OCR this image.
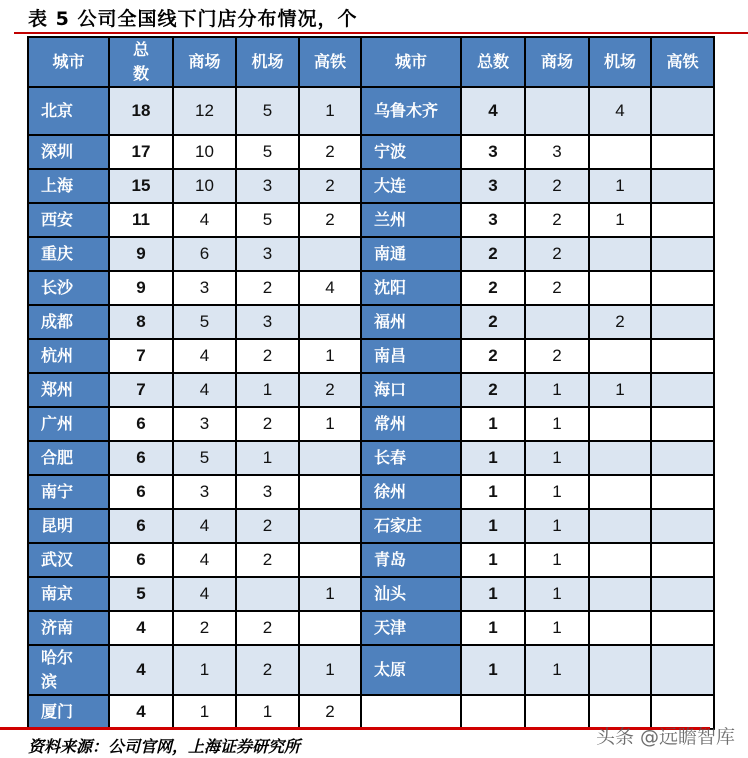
表 5 公司全国线下门店分布情况，个
城市	总数	商场	机场	高铁	城市	总数	商场	机场	高铁
北京	18	12	5	1	乌鲁木齐	4		4	
深圳	17	10	5	2	宁波	3	3		
上海	15	10	3	2	大连	3	2	1	
西安	11	4	5	2	兰州	3	2	1	
重庆	9	6	3		南通	2	2		
长沙	9	3	2	4	沈阳	2	2		
成都	8	5	3		福州	2		2	
杭州	7	4	2	1	南昌	2	2		
郑州	7	4	1	2	海口	2	1	1	
广州	6	3	2	1	常州	1	1		
合肥	6	5	1		长春	1	1		
南宁	6	3	3		徐州	1	1		
昆明	6	4	2		石家庄	1	1		
武汉	6	4	2		青岛	1	1		
南京	5	4		1	汕头	1	1		
济南	4	2	2		天津	1	1		
哈尔滨	4	1	2	1	太原	1	1		
厦门	4	1	1	2					
资料来源：公司官网，上海证券研究所	头条 @远瞻智库
